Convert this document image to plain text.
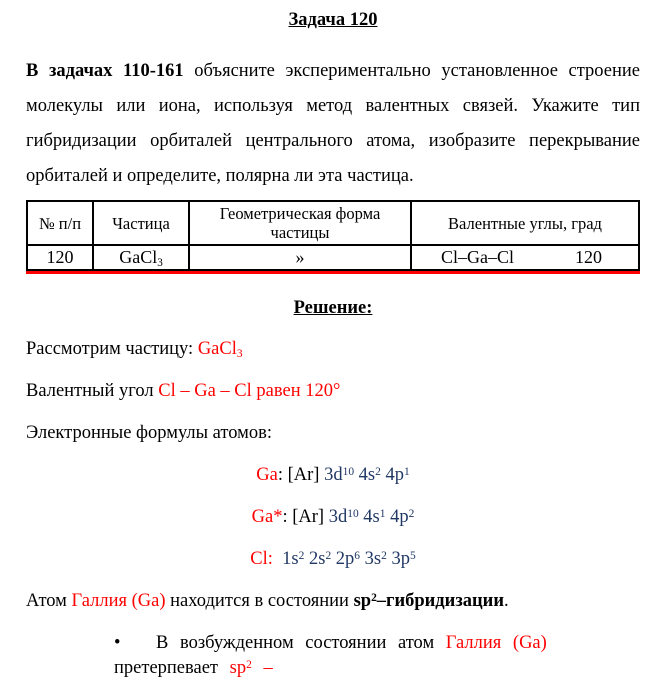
Задача 120

В задачах 110-161 объясните экспериментально установленное строение молекулы или иона, используя метод валентных связей. Укажите тип гибридизации орбиталей центрального атома, изобразите перекрывание орбиталей и определите, полярна ли эта частица.

№ п/п	Частица	Геометрическая форма частицы	Валентные углы, град
120	GaCl$_3$	»	Cl–Ga–Cl 120
Решение:

Рассмотрим частицу: GaCl$_3$

Валентный угол Cl – Ga – Cl равен 120°

Электронные формулы атомов:

Ga: [Ar] $3d^{10}$ $4s^2$ $4p^1$

Ga*: [Ar] $3d^{10}$ $4s^1$ $4p^2$

Cl:  $1s^2$ $2s^2$ $2p^6$ $3s^2$ $3p^5$

Атом Галлия (Ga) находится в состоянии $sp^2$–гибридизации.

• В возбужденном состоянии атом Галлия (Ga) претерпевает $sp^2$ –
